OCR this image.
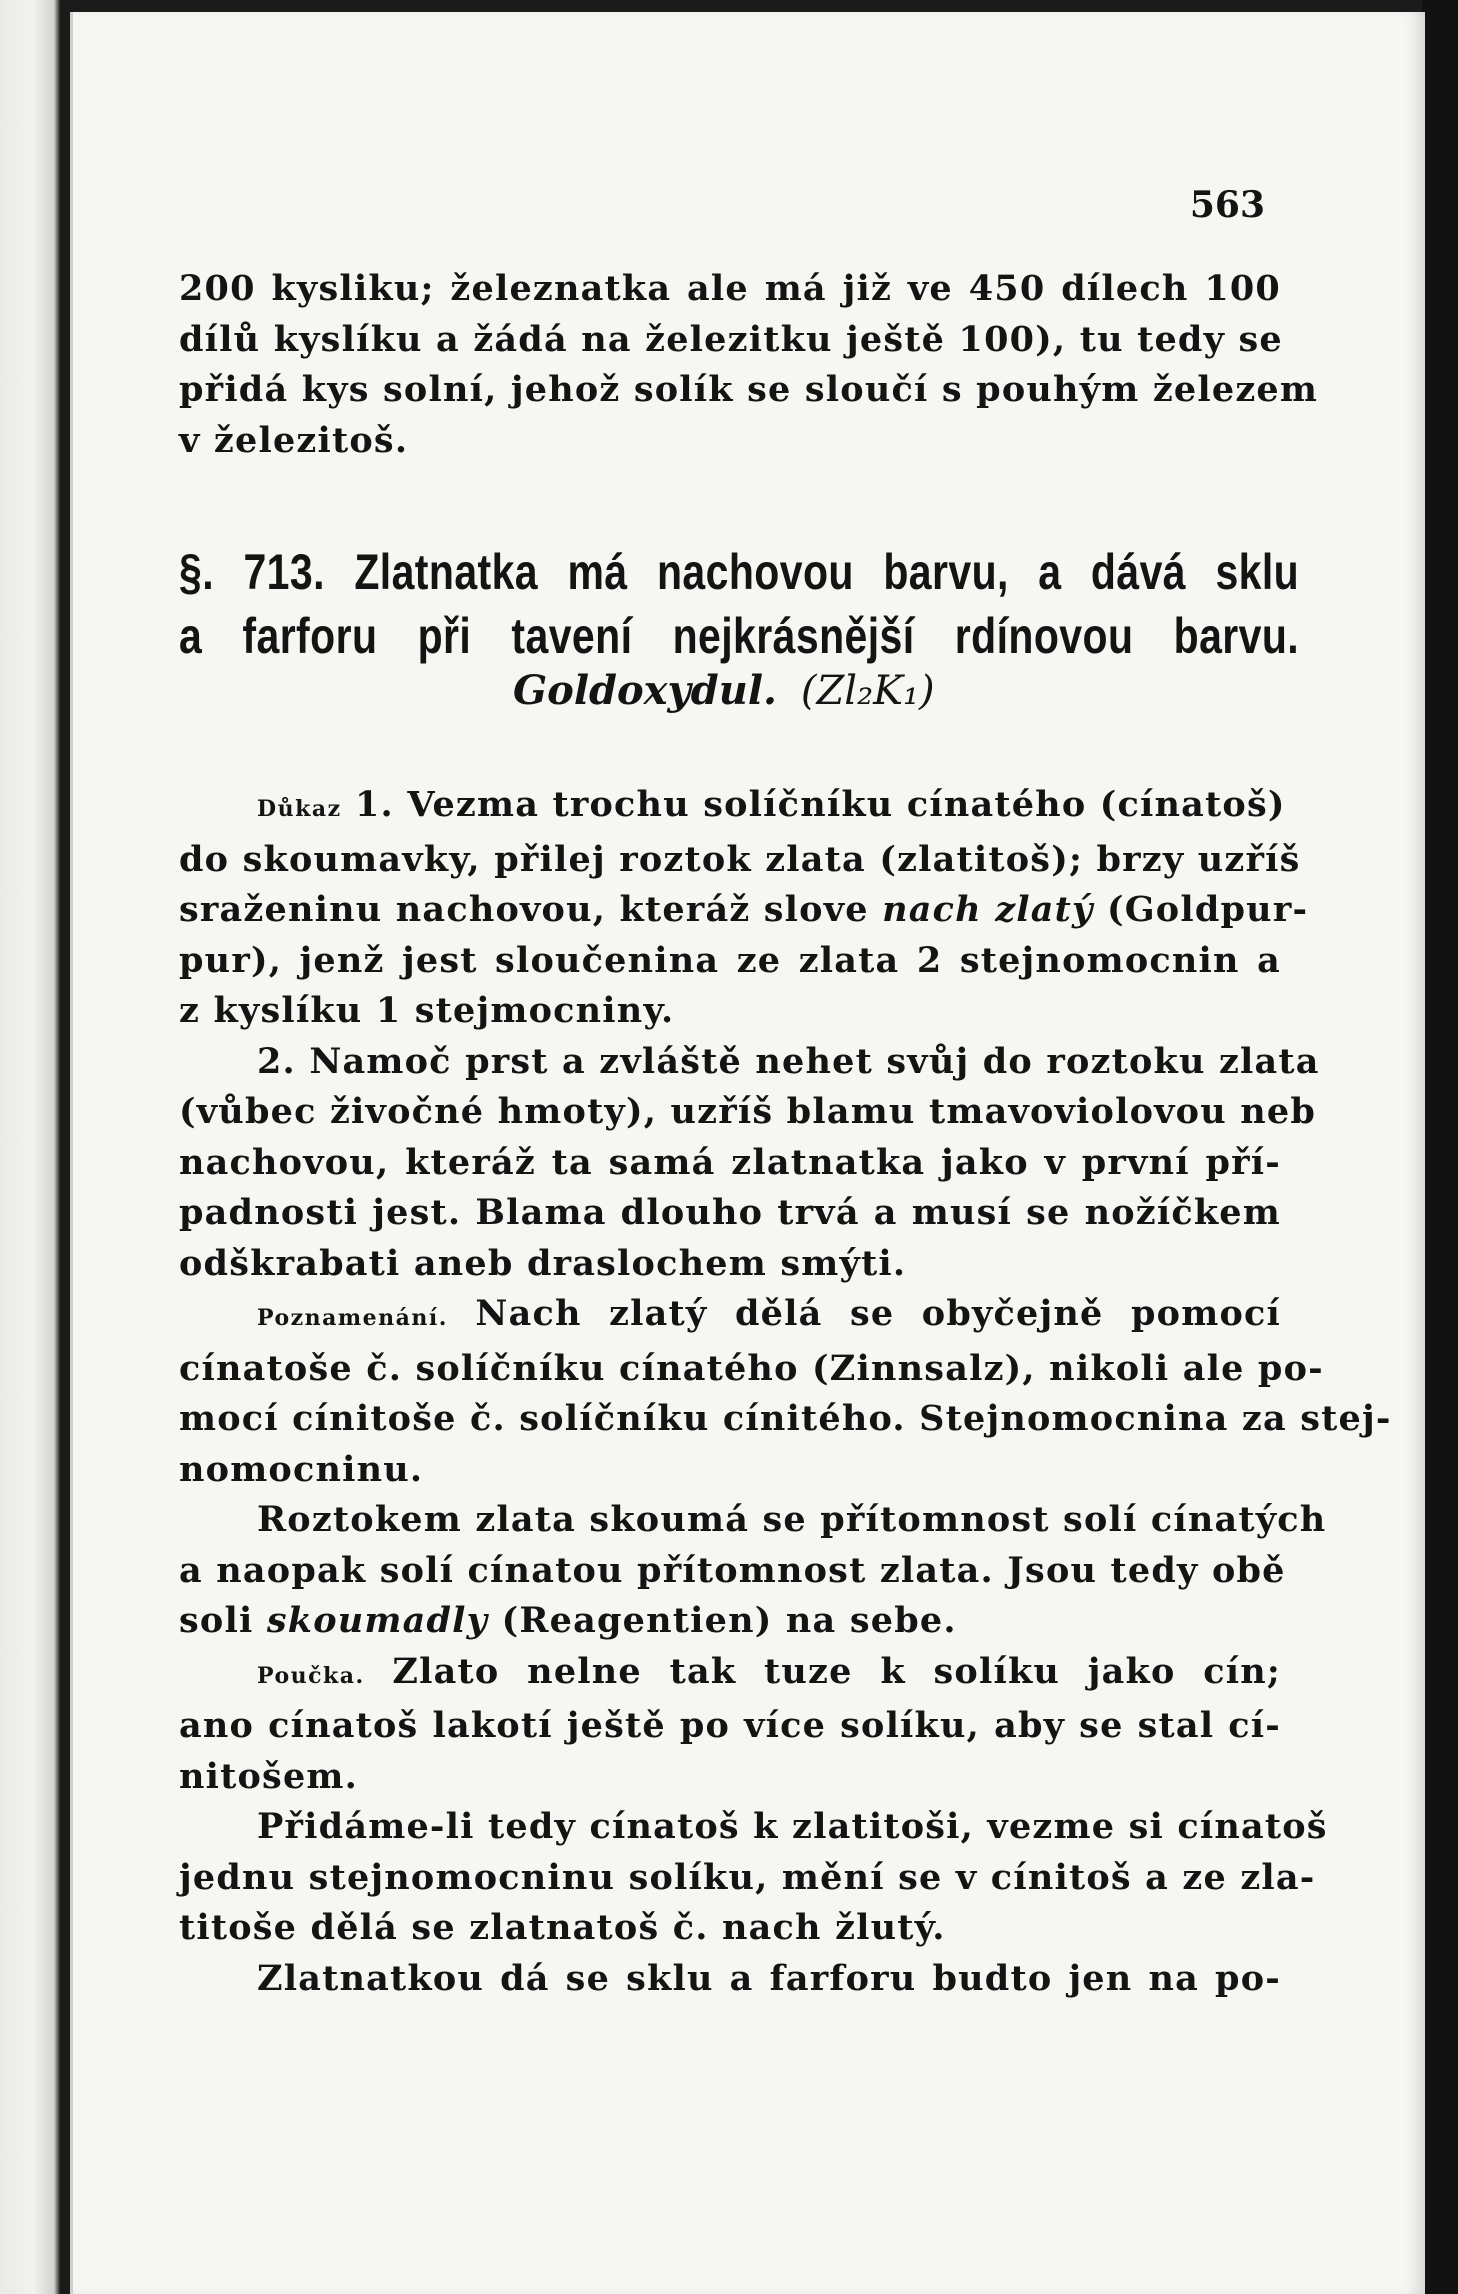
563
200 kysliku; železnatka ale má již ve 450 dílech 100
dílů kyslíku a žádá na železitku ještě 100), tu tedy se
přidá kys solní, jehož solík se sloučí s pouhým železem
v železitoš.
§. 713. Zlatnatka má nachovou barvu, a dává sklu
a farforu při tavení nejkrásnější rdínovou barvu.
Goldoxydul. (Zl₂K₁)
Důkaz 1. Vezma trochu solíčníku cínatého (cínatoš)
do skoumavky, přilej roztok zlata (zlatitoš); brzy uzříš
sraženinu nachovou, kteráž slove nach zlatý (Goldpur-
pur), jenž jest sloučenina ze zlata 2 stejnomocnin a
z kyslíku 1 stejmocniny.
2. Namoč prst a zvláště nehet svůj do roztoku zlata
(vůbec živočné hmoty), uzříš blamu tmavoviolovou neb
nachovou, kteráž ta samá zlatnatka jako v první pří-
padnosti jest. Blama dlouho trvá a musí se nožíčkem
odškrabati aneb draslochem smýti.
Poznamenání. Nach zlatý dělá se obyčejně pomocí
cínatoše č. solíčníku cínatého (Zinnsalz), nikoli ale po-
mocí cínitoše č. solíčníku cínitého. Stejnomocnina za stej-
nomocninu.
Roztokem zlata skoumá se přítomnost solí cínatých
a naopak solí cínatou přítomnost zlata. Jsou tedy obě
soli skoumadly (Reagentien) na sebe.
Poučka. Zlato nelne tak tuze k solíku jako cín;
ano cínatoš lakotí ještě po více solíku, aby se stal cí-
nitošem.
Přidáme-li tedy cínatoš k zlatitoši, vezme si cínatoš
jednu stejnomocninu solíku, mění se v cínitoš a ze zla-
titoše dělá se zlatnatoš č. nach žlutý.
Zlatnatkou dá se sklu a farforu budto jen na po-
